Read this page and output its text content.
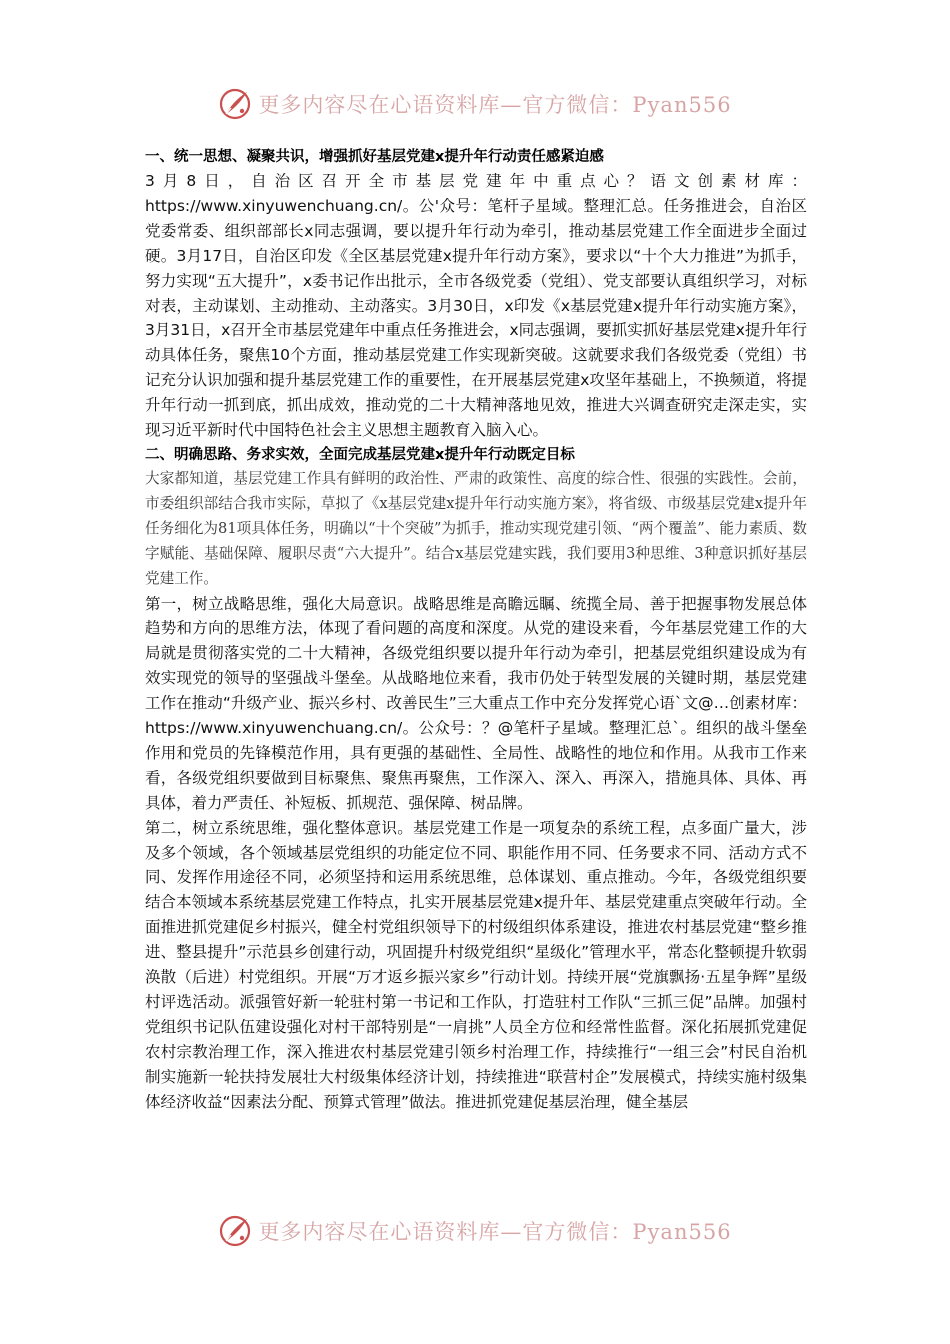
更多内容尽在心语资料库—官方微信：Pyan556

一、统一思想、凝聚共识，增强抓好基层党建x提升年行动责任感紧迫感

3月8日，自治区召开全市基层党建年中重点心？语文创素材库：https://www.xinyuwenchuang.cn/。公'众号：笔杆子星域。整理汇总。任务推进会，自治区党委常委、组织部部长x同志强调，要以提升年行动为牵引，推动基层党建工作全面进步全面过硬。3月17日，自治区印发《全区基层党建x提升年行动方案》，要求以“十个大力推进”为抓手，努力实现“五大提升”，x委书记作出批示，全市各级党委（党组）、党支部要认真组织学习，对标对表，主动谋划、主动推动、主动落实。3月30日，x印发《x基层党建x提升年行动实施方案》，3月31日，x召开全市基层党建年中重点任务推进会，x同志强调，要抓实抓好基层党建x提升年行动具体任务，聚焦10个方面，推动基层党建工作实现新突破。这就要求我们各级党委（党组）书记充分认识加强和提升基层党建工作的重要性，在开展基层党建x攻坚年基础上，不换频道，将提升年行动一抓到底，抓出成效，推动党的二十大精神落地见效，推进大兴调查研究走深走实，实现习近平新时代中国特色社会主义思想主题教育入脑入心。

二、明确思路、务求实效，全面完成基层党建x提升年行动既定目标

大家都知道，基层党建工作具有鲜明的政治性、严肃的政策性、高度的综合性、很强的实践性。会前，市委组织部结合我市实际，草拟了《x基层党建x提升年行动实施方案》，将省级、市级基层党建x提升年任务细化为81项具体任务，明确以“十个突破”为抓手，推动实现党建引领、“两个覆盖”、能力素质、数字赋能、基础保障、履职尽责“六大提升”。结合x基层党建实践，我们要用3种思维、3种意识抓好基层党建工作。

第一，树立战略思维，强化大局意识。战略思维是高瞻远瞩、统揽全局、善于把握事物发展总体趋势和方向的思维方法，体现了看问题的高度和深度。从党的建设来看，今年基层党建工作的大局就是贯彻落实党的二十大精神，各级党组织要以提升年行动为牵引，把基层党组织建设成为有效实现党的领导的坚强战斗堡垒。从战略地位来看，我市仍处于转型发展的关键时期，基层党建工作在推动“升级产业、振兴乡村、改善民生”三大重点工作中充分发挥党心语`文@…创素材库：https://www.xinyuwenchuang.cn/。公众号：？@笔杆子星域。整理汇总`。组织的战斗堡垒作用和党员的先锋模范作用，具有更强的基础性、全局性、战略性的地位和作用。从我市工作来看，各级党组织要做到目标聚焦、聚焦再聚焦，工作深入、深入、再深入，措施具体、具体、再具体，着力严责任、补短板、抓规范、强保障、树品牌。

第二，树立系统思维，强化整体意识。基层党建工作是一项复杂的系统工程，点多面广量大，涉及多个领域，各个领域基层党组织的功能定位不同、职能作用不同、任务要求不同、活动方式不同、发挥作用途径不同，必须坚持和运用系统思维，总体谋划、重点推动。今年，各级党组织要结合本领域本系统基层党建工作特点，扎实开展基层党建x提升年、基层党建重点突破年行动。全面推进抓党建促乡村振兴，健全村党组织领导下的村级组织体系建设，推进农村基层党建“整乡推进、整县提升”示范县乡创建行动，巩固提升村级党组织“星级化”管理水平，常态化整顿提升软弱涣散（后进）村党组织。开展“万才返乡振兴家乡”行动计划。持续开展“党旗飘扬·五星争辉”星级村评选活动。派强管好新一轮驻村第一书记和工作队，打造驻村工作队“三抓三促”品牌。加强村党组织书记队伍建设强化对村干部特别是“一肩挑”人员全方位和经常性监督。深化拓展抓党建促农村宗教治理工作，深入推进农村基层党建引领乡村治理工作，持续推行“一组三会”村民自治机制实施新一轮扶持发展壮大村级集体经济计划，持续推进“联营村企”发展模式，持续实施村级集体经济收益“因素法分配、预算式管理”做法。推进抓党建促基层治理，健全基层

更多内容尽在心语资料库—官方微信：Pyan556
